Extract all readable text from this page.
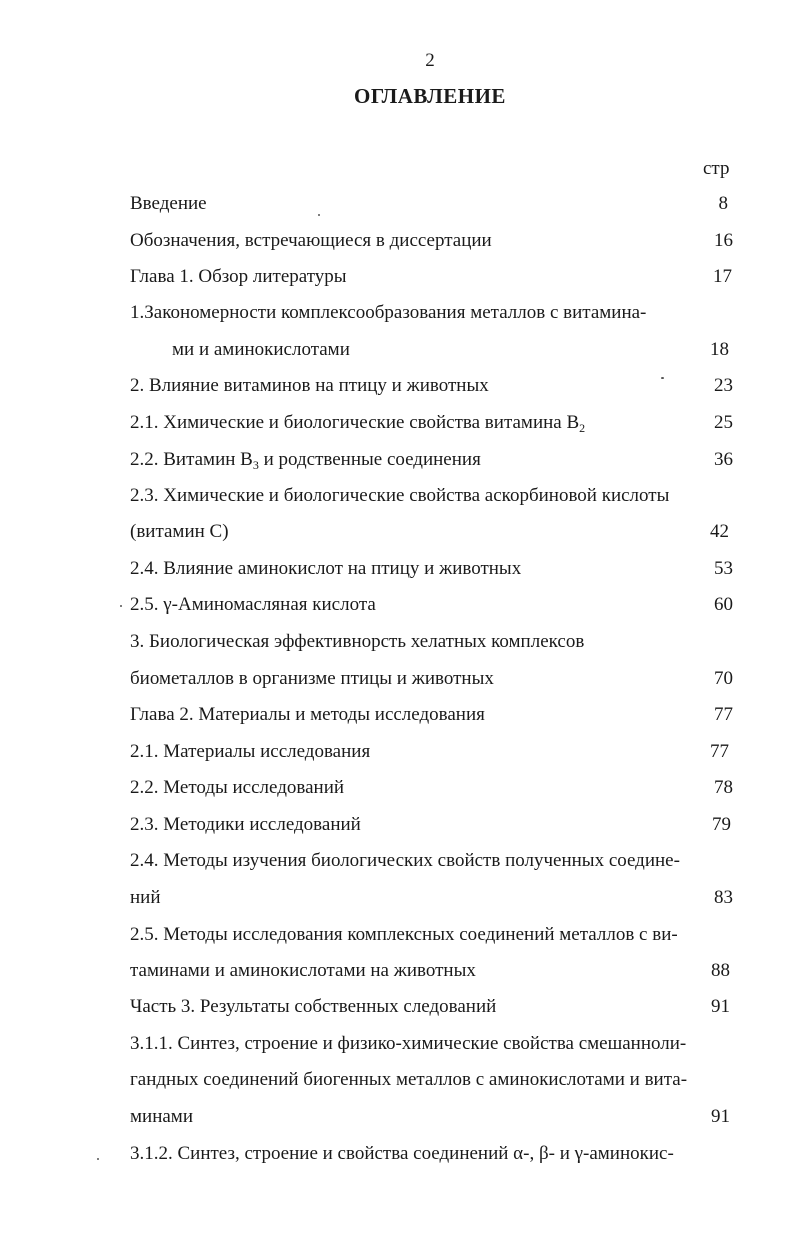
2
ОГЛАВЛЕНИЕ
стр
Введение	8
Обозначения, встречающиеся в диссертации	16
Глава 1. Обзор литературы	17
1.Закономерности комплексообразования металлов с витамина-
ми и аминокислотами	18
2. Влияние витаминов на птицу и животных	23
2.1. Химические и биологические свойства витамина $В_2$	25
2.2. Витамин $В_3$ и родственные соединения	36
2.3. Химические и биологические свойства аскорбиновой кислоты
(витамин С)	42
2.4. Влияние аминокислот на птицу и животных	53
2.5. γ-Аминомасляная кислота	60
3. Биологическая эффективнорсть хелатных комплексов
биометаллов в организме птицы и животных	70
Глава 2. Материалы и методы исследования	77
2.1. Материалы исследования	77
2.2. Методы исследований	78
2.3. Методики исследований	79
2.4. Методы изучения биологических свойств полученных соедине-
ний	83
2.5. Методы исследования комплексных соединений металлов с ви-
таминами и аминокислотами на животных	88
Часть 3. Результаты собственных следований	91
3.1.1. Синтез, строение и физико-химические свойства смешанноли-
гандных соединений биогенных металлов с аминокислотами и вита-
минами	91
3.1.2. Синтез, строение и свойства соединений α-, β- и γ-аминокис-
